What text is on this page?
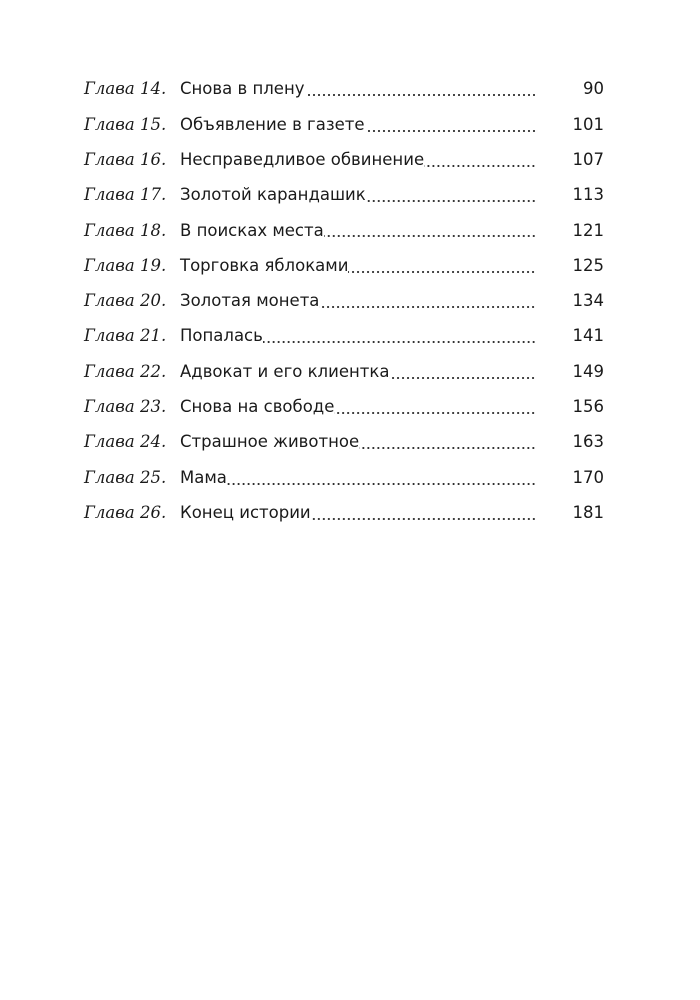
Глава 14. Снова в плену	90
Глава 15. Объявление в газете	101
Глава 16. Несправедливое обвинение	107
Глава 17. Золотой карандашик	113
Глава 18. В поисках места	121
Глава 19. Торговка яблоками	125
Глава 20. Золотая монета	134
Глава 21. Попалась	141
Глава 22. Адвокат и его клиентка	149
Глава 23. Снова на свободе	156
Глава 24. Страшное животное	163
Глава 25. Мама	170
Глава 26. Конец истории	181
